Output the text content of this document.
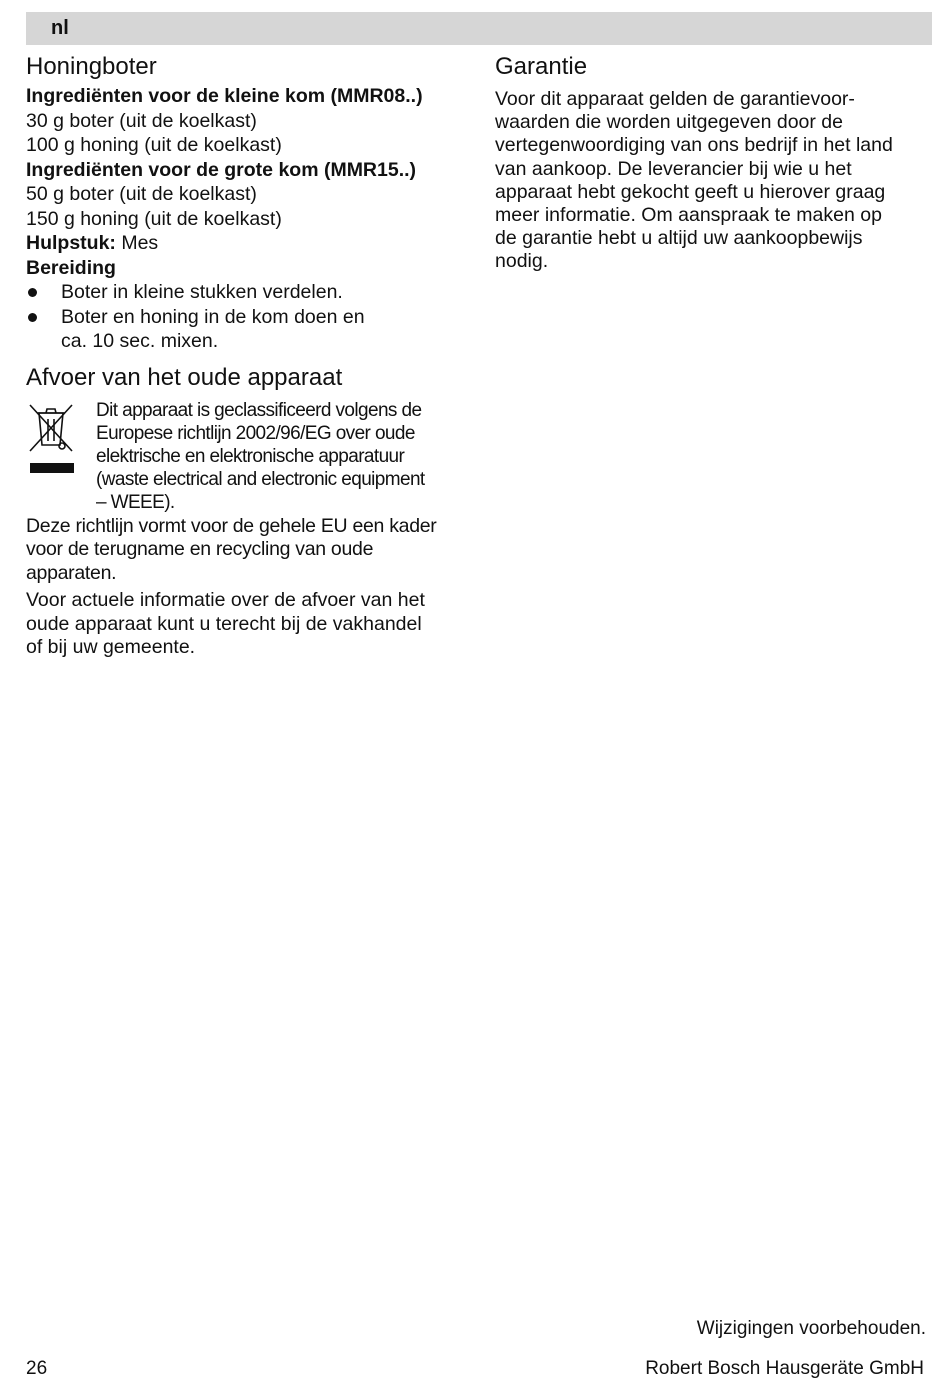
nl
Honingboter
Ingrediënten voor de kleine kom (MMR08..)
30 g boter (uit de koelkast)
100 g honing (uit de koelkast)
Ingrediënten voor de grote kom (MMR15..)
50 g boter (uit de koelkast)
150 g honing (uit de koelkast)
Hulpstuk: Mes
Bereiding
Boter in kleine stukken verdelen.
Boter en honing in de kom doen en
ca. 10 sec. mixen.
Afvoer van het oude apparaat
Dit apparaat is geclassificeerd volgens de
Europese richtlijn 2002/96/EG over oude
elektrische en elektronische apparatuur
(waste electrical and electronic equipment
– WEEE).
Deze richtlijn vormt voor de gehele EU een kader
voor de terugname en recycling van oude
apparaten.
Voor actuele informatie over de afvoer van het
oude apparaat kunt u terecht bij de vakhandel
of bij uw gemeente.
Garantie
Voor dit apparaat gelden de garantievoor-
waarden die worden uitgegeven door de
vertegenwoordiging van ons bedrijf in het land
van aankoop. De leverancier bij wie u het
apparaat hebt gekocht geeft u hierover graag
meer informatie. Om aanspraak te maken op
de garantie hebt u altijd uw aankoopbewijs
nodig.
Wijzigingen voorbehouden.
26	Robert Bosch Hausgeräte GmbH
